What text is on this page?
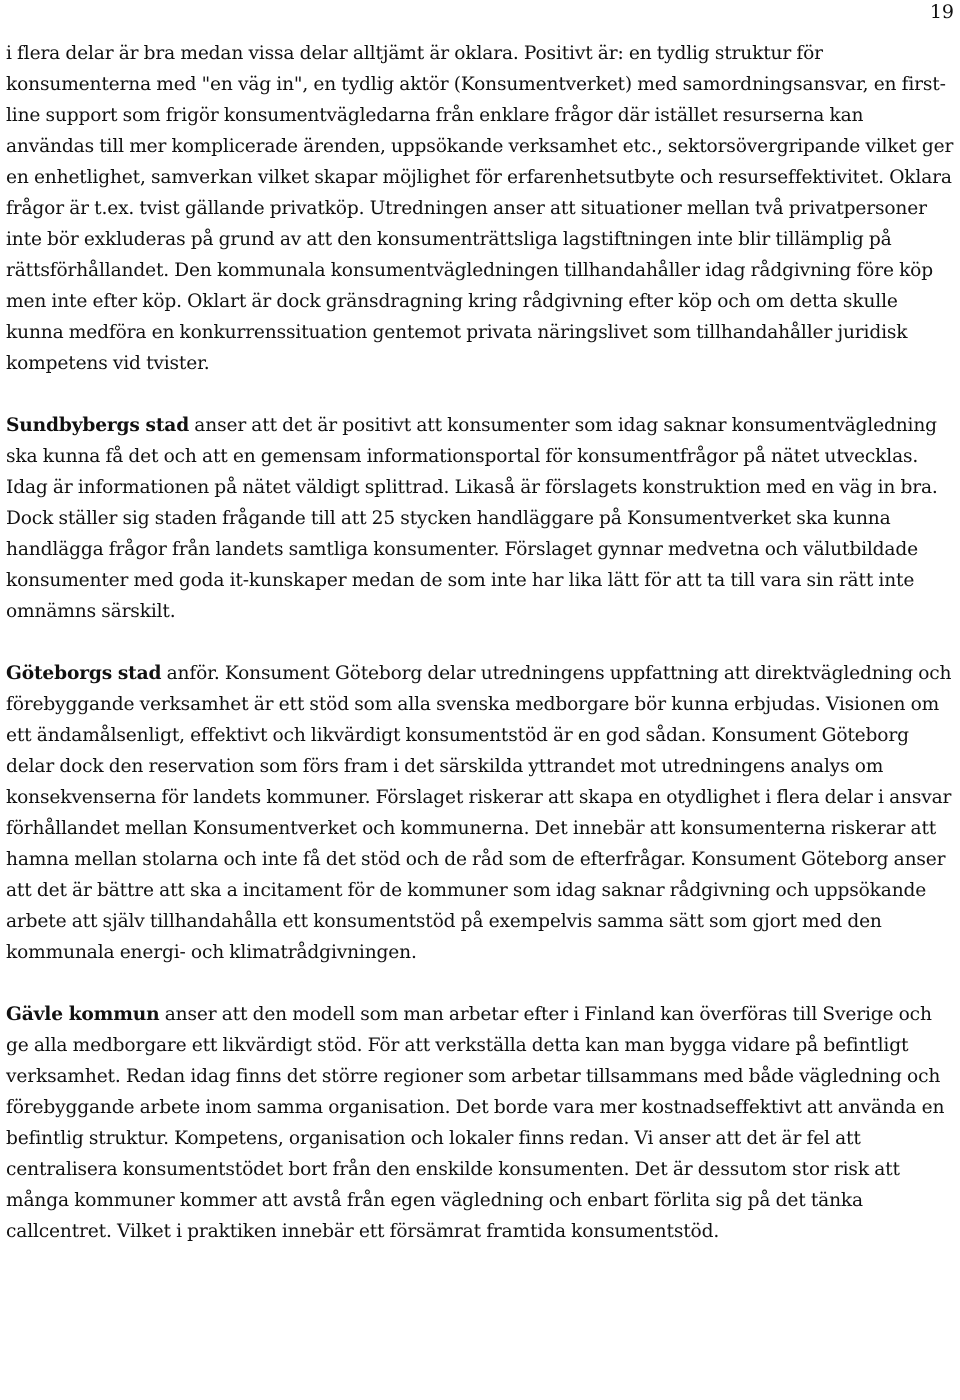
19

i flera delar är bra medan vissa delar alltjämt är oklara. Positivt är: en tydlig struktur för konsumenterna med "en väg in", en tydlig aktör (Konsumentverket) med samordningsansvar, en first-line support som frigör konsumentvägledarna från enklare frågor där istället resurserna kan användas till mer komplicerade ärenden, uppsökande verksamhet etc., sektorsövergripande vilket ger en enhetlighet, samverkan vilket skapar möjlighet för erfarenhetsutbyte och resurseffektivitet. Oklara frågor är t.ex. tvist gällande privatköp. Utredningen anser att situationer mellan två privatpersoner inte bör exkluderas på grund av att den konsumenträttsliga lagstiftningen inte blir tillämplig på rättsförhållandet. Den kommunala konsumentvägledningen tillhandahåller idag rådgivning före köp men inte efter köp. Oklart är dock gränsdragning kring rådgivning efter köp och om detta skulle kunna medföra en konkurrenssituation gentemot privata näringslivet som tillhandahåller juridisk kompetens vid tvister.

Sundbybergs stad anser att det är positivt att konsumenter som idag saknar konsumentvägledning ska kunna få det och att en gemensam informationsportal för konsumentfrågor på nätet utvecklas. Idag är informationen på nätet väldigt splittrad. Likaså är förslagets konstruktion med en väg in bra. Dock ställer sig staden frågande till att 25 stycken handläggare på Konsumentverket ska kunna handlägga frågor från landets samtliga konsumenter. Förslaget gynnar medvetna och välutbildade konsumenter med goda it-kunskaper medan de som inte har lika lätt för att ta till vara sin rätt inte omnämns särskilt.

Göteborgs stad anför. Konsument Göteborg delar utredningens uppfattning att direktvägledning och förebyggande verksamhet är ett stöd som alla svenska medborgare bör kunna erbjudas. Visionen om ett ändamålsenligt, effektivt och likvärdigt konsumentstöd är en god sådan. Konsument Göteborg delar dock den reservation som förs fram i det särskilda yttrandet mot utredningens analys om konsekvenserna för landets kommuner. Förslaget riskerar att skapa en otydlighet i flera delar i ansvar förhållandet mellan Konsumentverket och kommunerna. Det innebär att konsumenterna riskerar att hamna mellan stolarna och inte få det stöd och de råd som de efterfrågar. Konsument Göteborg anser att det är bättre att ska a incitament för de kommuner som idag saknar rådgivning och uppsökande arbete att själv tillhandahålla ett konsumentstöd på exempelvis samma sätt som gjort med den kommunala energi- och klimatrådgivningen.

Gävle kommun anser att den modell som man arbetar efter i Finland kan överföras till Sverige och ge alla medborgare ett likvärdigt stöd. För att verkställa detta kan man bygga vidare på befintligt verksamhet. Redan idag finns det större regioner som arbetar tillsammans med både vägledning och förebyggande arbete inom samma organisation. Det borde vara mer kostnadseffektivt att använda en befintlig struktur. Kompetens, organisation och lokaler finns redan. Vi anser att det är fel att centralisera konsumentstödet bort från den enskilde konsumenten. Det är dessutom stor risk att många kommuner kommer att avstå från egen vägledning och enbart förlita sig på det tänka callcentret. Vilket i praktiken innebär ett försämrat framtida konsumentstöd.
